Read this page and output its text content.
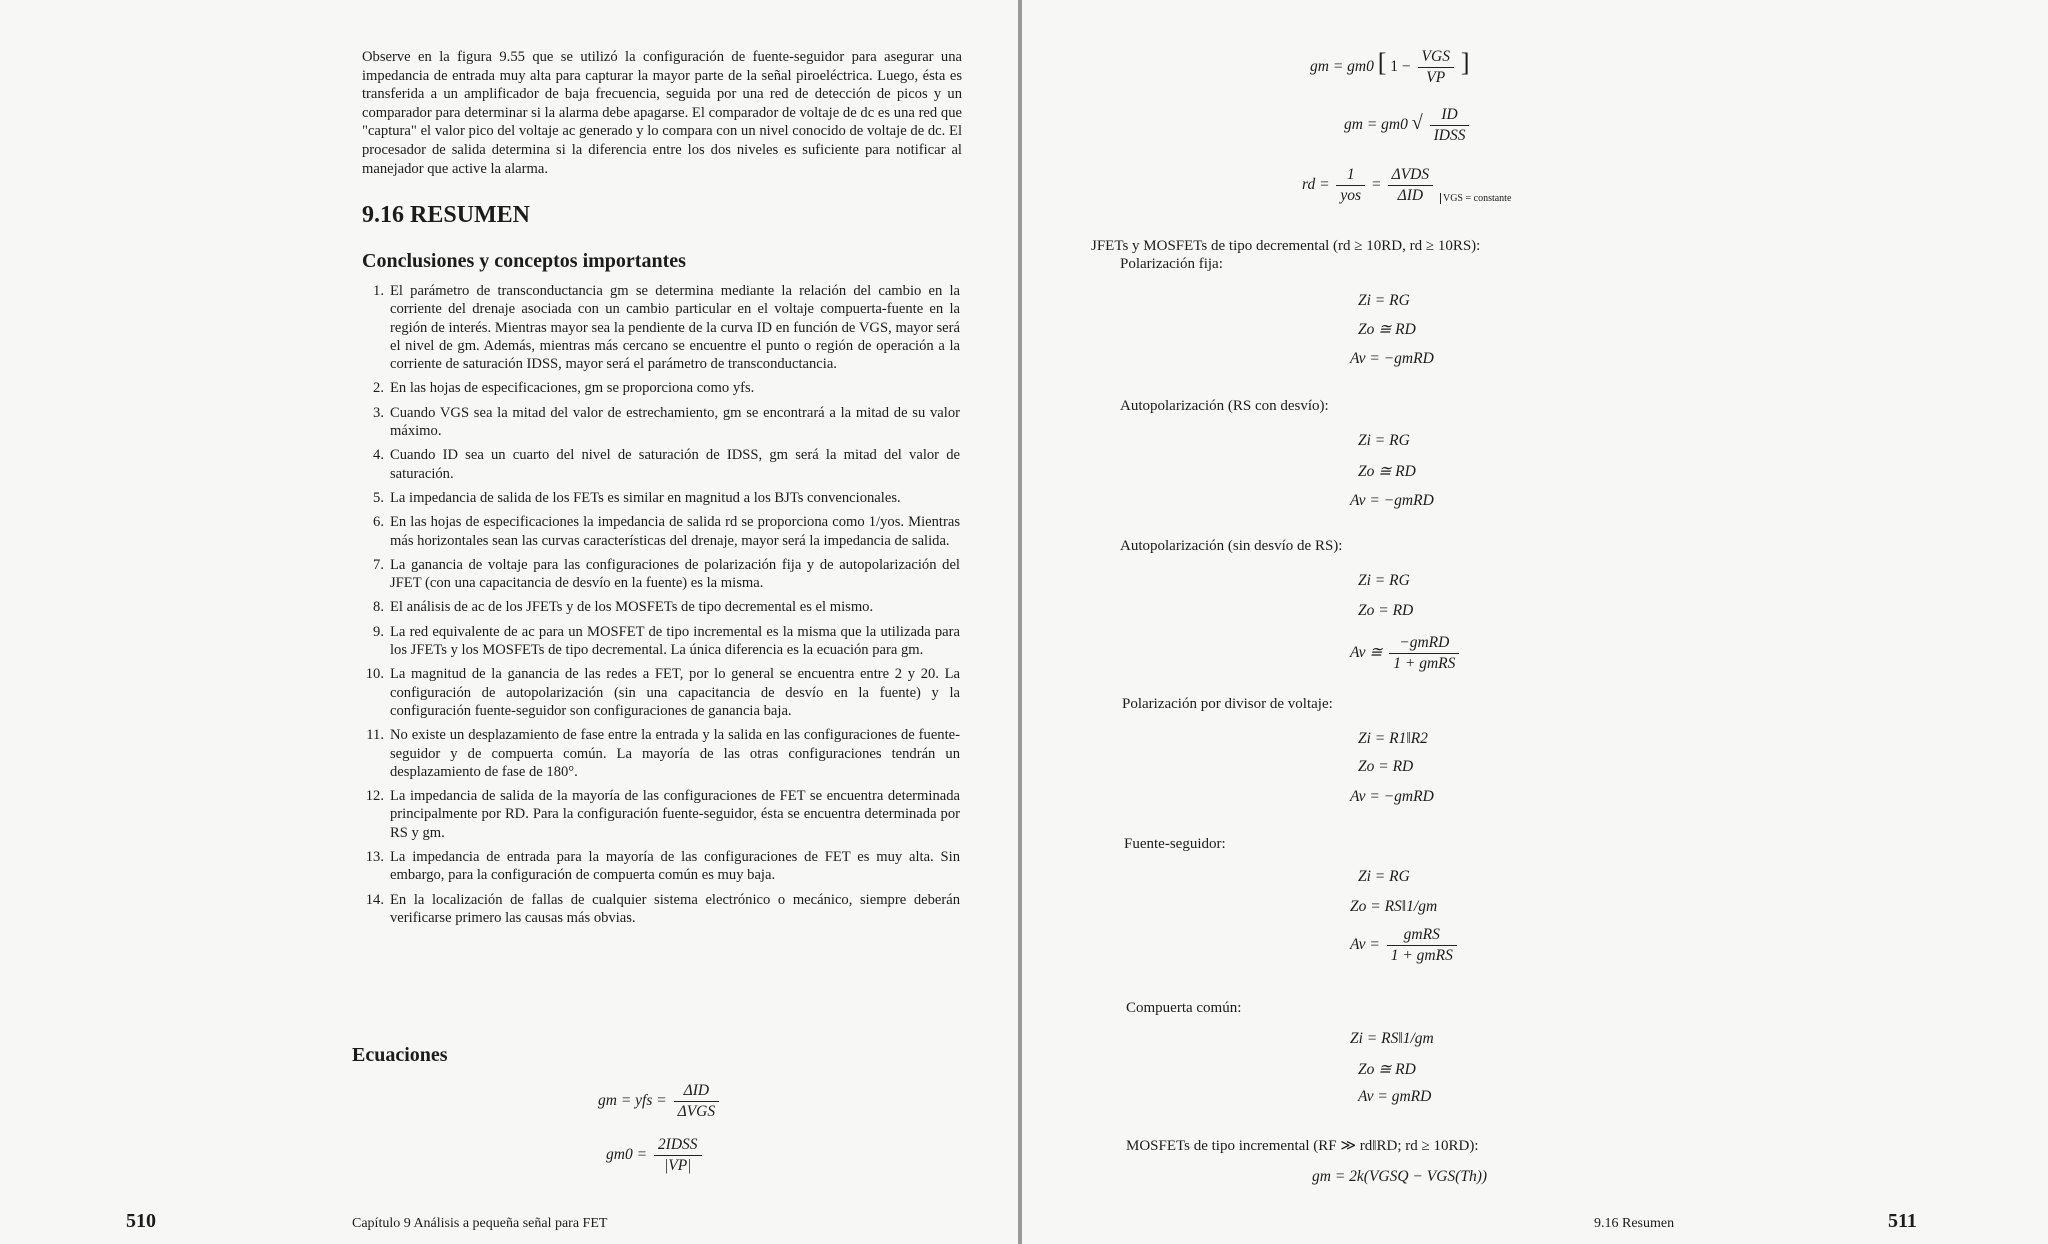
Observe en la figura 9.55 que se utilizó la configuración de fuente-seguidor para asegurar una impedancia de entrada muy alta para capturar la mayor parte de la señal piroeléctrica. Luego, ésta es transferida a un amplificador de baja frecuencia, seguida por una red de detección de picos y un comparador para determinar si la alarma debe apagarse. El comparador de voltaje de dc es una red que "captura" el valor pico del voltaje ac generado y lo compara con un nivel conocido de voltaje de dc. El procesador de salida determina si la diferencia entre los dos niveles es suficiente para notificar al manejador que active la alarma.
9.16 RESUMEN
Conclusiones y conceptos importantes
1. El parámetro de transconductancia gm se determina mediante la relación del cambio en la corriente del drenaje asociada con un cambio particular en el voltaje compuerta-fuente en la región de interés. Mientras mayor sea la pendiente de la curva ID en función de VGS, mayor será el nivel de gm. Además, mientras más cercano se encuentre el punto o región de operación a la corriente de saturación IDSS, mayor será el parámetro de transconductancia.
2. En las hojas de especificaciones, gm se proporciona como yfs.
3. Cuando VGS sea la mitad del valor de estrechamiento, gm se encontrará a la mitad de su valor máximo.
4. Cuando ID sea un cuarto del nivel de saturación de IDSS, gm será la mitad del valor de saturación.
5. La impedancia de salida de los FETs es similar en magnitud a los BJTs convencionales.
6. En las hojas de especificaciones la impedancia de salida rd se proporciona como 1/yos. Mientras más horizontales sean las curvas características del drenaje, mayor será la impedancia de salida.
7. La ganancia de voltaje para las configuraciones de polarización fija y de autopolarización del JFET (con una capacitancia de desvío en la fuente) es la misma.
8. El análisis de ac de los JFETs y de los MOSFETs de tipo decremental es el mismo.
9. La red equivalente de ac para un MOSFET de tipo incremental es la misma que la utilizada para los JFETs y los MOSFETs de tipo decremental. La única diferencia es la ecuación para gm.
10. La magnitud de la ganancia de las redes a FET, por lo general se encuentra entre 2 y 20. La configuración de autopolarización (sin una capacitancia de desvío en la fuente) y la configuración fuente-seguidor son configuraciones de ganancia baja.
11. No existe un desplazamiento de fase entre la entrada y la salida en las configuraciones de fuente-seguidor y de compuerta común. La mayoría de las otras configuraciones tendrán un desplazamiento de fase de 180°.
12. La impedancia de salida de la mayoría de las configuraciones de FET se encuentra determinada principalmente por RD. Para la configuración fuente-seguidor, ésta se encuentra determinada por RS y gm.
13. La impedancia de entrada para la mayoría de las configuraciones de FET es muy alta. Sin embargo, para la configuración de compuerta común es muy baja.
14. En la localización de fallas de cualquier sistema electrónico o mecánico, siempre deberán verificarse primero las causas más obvias.
Ecuaciones
gm = yfs = $\frac{\text{ΔID}}{\text{ΔVGS}}$
$gm0 = \frac{\text{2IDSS}}{|VP|}$
510	Capítulo 9 Análisis a pequeña señal para FET
gm = gm0 [ $1 - \frac{\text{VGS}}{VP}$ ]
gm = gm0 √ $\frac{ID}{\text{IDSS}}$
rd = $\frac{1}{\text{yos}} = \frac{\text{ΔVDS}}{\text{ΔID}} _{VGS = constante}$
JFETs y MOSFETs de tipo decremental (rd ≥ 10RD, rd ≥ 10RS):
Polarización fija:
Zi = RG
Zo ≅ RD
Av = −gmRD
Autopolarización (RS con desvío):
Zi = RG
Zo ≅ RD
Av = −gmRD
Autopolarización (sin desvío de RS):
Zi = RG
Zo = RD
Av ≅ $\frac{\text{−gmRD}}{\text{1 + gmRS}}$
Polarización por divisor de voltaje:
Zi = R1‖R2
Zo = RD
Av = −gmRD
Fuente-seguidor:
Zi = RG
Zo = RS‖1/gm
$Av = \frac{\text{gmRS}}{\text{1 + gmRS}}$
Compuerta común:
Zi = RS‖1/gm
Zo ≅ RD
Av = gmRD
MOSFETs de tipo incremental (RF ≫ rd‖RD; rd ≥ 10RD):
gm = 2k(VGSQ − VGS(Th))
9.16 Resumen	511
